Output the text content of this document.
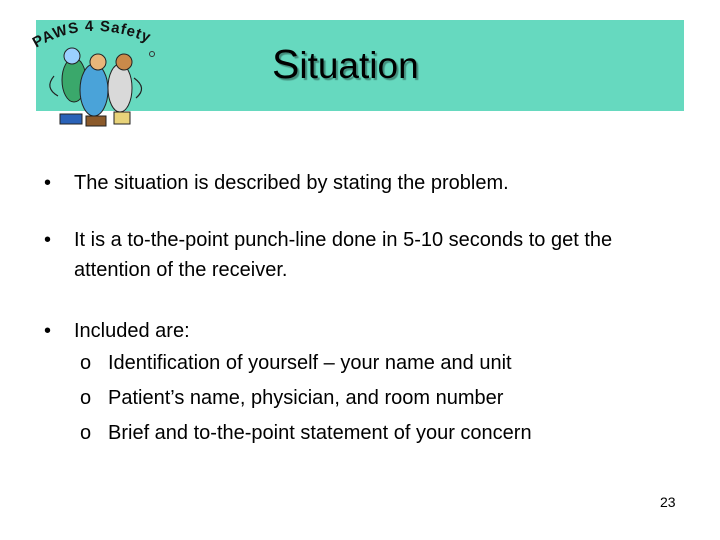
PAWS 4 Safety
Situation
• The situation is described by stating the problem.
• It is a to-the-point punch-line done in 5-10 seconds to get the attention of the receiver.
• Included are:
o Identification of yourself – your name and unit
o Patient’s name, physician, and room number
o Brief and to-the-point statement of your concern
23
